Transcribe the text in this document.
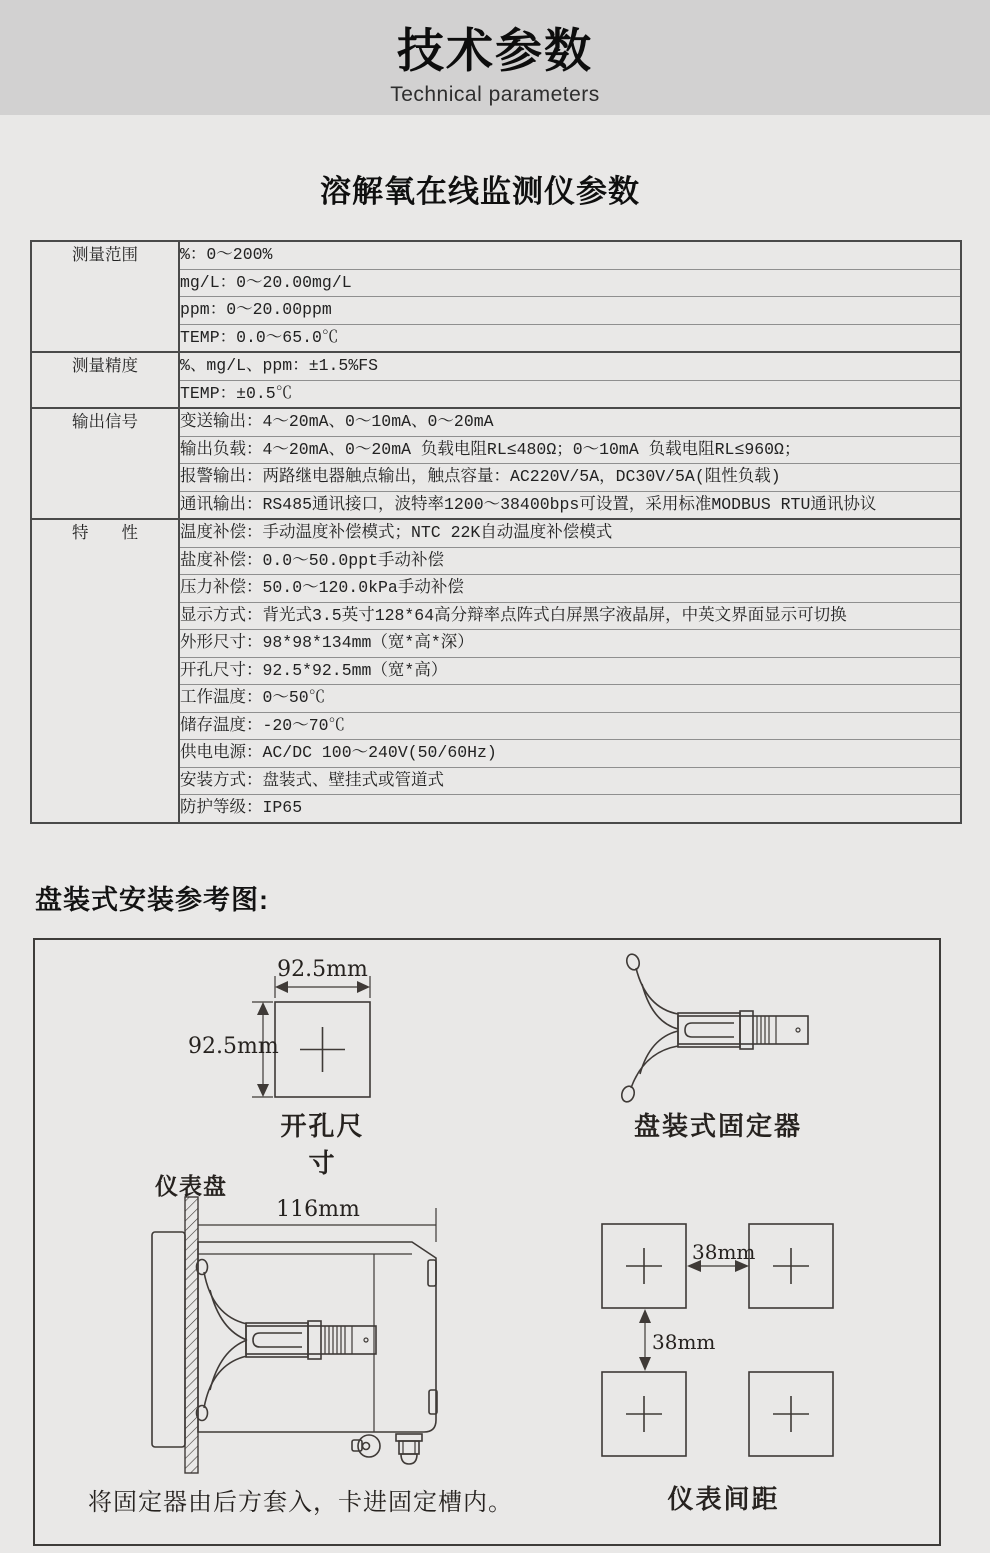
技术参数
Technical parameters
溶解氧在线监测仪参数
测量范围	%：0～200%
	mg/L：0～20.00mg/L
	ppm：0～20.00ppm
	TEMP：0.0～65.0℃
测量精度	%、mg/L、ppm：±1.5%FS
	TEMP：±0.5℃
输出信号	变送输出：4～20mA、0～10mA、0～20mA
	输出负载：4～20mA、0～20mA 负载电阻RL≤480Ω；0～10mA 负载电阻RL≤960Ω；
	报警输出：两路继电器触点输出，触点容量：AC220V/5A，DC30V/5A(阻性负载)
	通讯输出：RS485通讯接口，波特率1200～38400bps可设置，采用标准MODBUS RTU通讯协议
特　　性	温度补偿：手动温度补偿模式；NTC 22K自动温度补偿模式
	盐度补偿：0.0～50.0ppt手动补偿
	压力补偿：50.0～120.0kPa手动补偿
	显示方式：背光式3.5英寸128*64高分辩率点阵式白屏黑字液晶屏，中英文界面显示可切换
	外形尺寸：98*98*134mm（宽*高*深）
	开孔尺寸：92.5*92.5mm（宽*高）
	工作温度：0～50℃
	储存温度：-20～70℃
	供电电源：AC/DC 100～240V(50/60Hz)
	安装方式：盘装式、壁挂式或管道式
	防护等级：IP65
盘装式安装参考图:
92.5mm
92.5mm
开孔尺寸
盘装式固定器
仪表盘
116mm
38mm
38mm
仪表间距
将固定器由后方套入，卡进固定槽内。
